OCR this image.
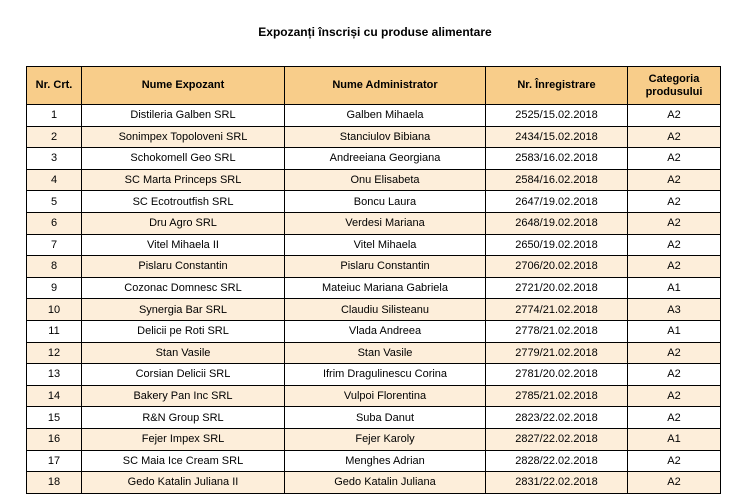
Expozanți înscriși cu produse alimentare
Nr. Crt.	Nume Expozant	Nume Administrator	Nr. Înregistrare	Categoria
produsului
1	Distileria Galben SRL	Galben Mihaela	2525/15.02.2018	A2
2	Sonimpex Topoloveni SRL	Stanciulov Bibiana	2434/15.02.2018	A2
3	Schokomell Geo SRL	Andreeiana Georgiana	2583/16.02.2018	A2
4	SC Marta Princeps SRL	Onu Elisabeta	2584/16.02.2018	A2
5	SC Ecotroutfish SRL	Boncu Laura	2647/19.02.2018	A2
6	Dru Agro SRL	Verdesi Mariana	2648/19.02.2018	A2
7	Vitel Mihaela II	Vitel Mihaela	2650/19.02.2018	A2
8	Pislaru Constantin	Pislaru Constantin	2706/20.02.2018	A2
9	Cozonac Domnesc SRL	Mateiuc Mariana Gabriela	2721/20.02.2018	A1
10	Synergia Bar SRL	Claudiu Silisteanu	2774/21.02.2018	A3
11	Delicii pe Roti SRL	Vlada Andreea	2778/21.02.2018	A1
12	Stan Vasile	Stan Vasile	2779/21.02.2018	A2
13	Corsian Delicii SRL	Ifrim Dragulinescu Corina	2781/20.02.2018	A2
14	Bakery Pan Inc SRL	Vulpoi Florentina	2785/21.02.2018	A2
15	R&N Group SRL	Suba Danut	2823/22.02.2018	A2
16	Fejer Impex SRL	Fejer Karoly	2827/22.02.2018	A1
17	SC Maia Ice Cream SRL	Menghes Adrian	2828/22.02.2018	A2
18	Gedo Katalin Juliana II	Gedo Katalin Juliana	2831/22.02.2018	A2
